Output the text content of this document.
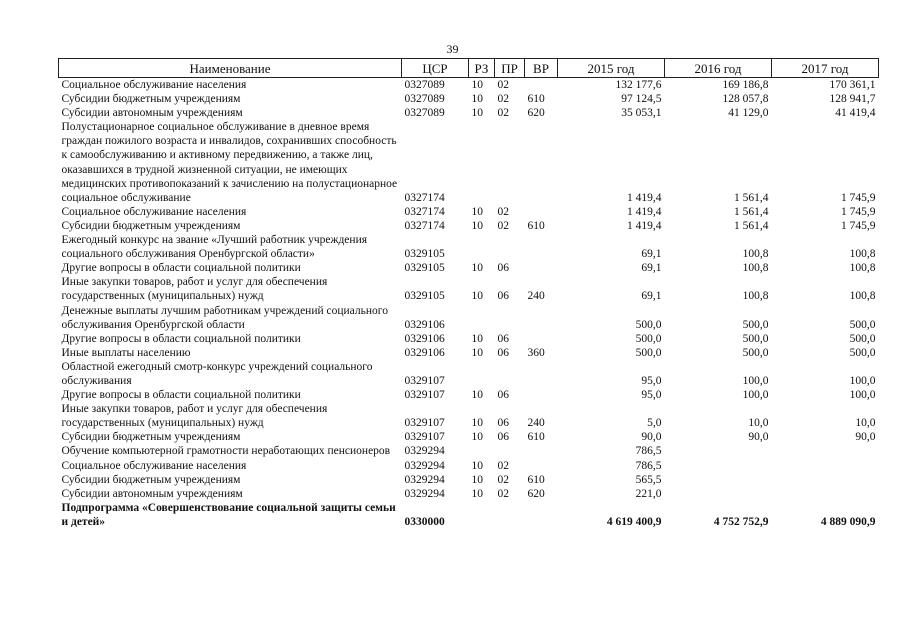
39
Наименование	ЦСР	РЗ	ПР	ВР	2015 год	2016 год	2017 год
Социальное обслуживание населения	0327089	10	02		132 177,6	169 186,8	170 361,1
Субсидии бюджетным учреждениям	0327089	10	02	610	97 124,5	128 057,8	128 941,7
Субсидии автономным учреждениям	0327089	10	02	620	35 053,1	41 129,0	41 419,4
Полустационарное социальное обслуживание в дневное время граждан пожилого возраста и инвалидов, сохранивших способность к самообслуживанию и активному передвижению, а также лиц, оказавшихся в трудной жизненной ситуации, не имеющих медицинских противопоказаний к зачислению на полустационарное социальное обслуживание	0327174				1 419,4	1 561,4	1 745,9
Социальное обслуживание населения	0327174	10	02		1 419,4	1 561,4	1 745,9
Субсидии бюджетным учреждениям	0327174	10	02	610	1 419,4	1 561,4	1 745,9
Ежегодный конкурс на звание «Лучший работник учреждения социального обслуживания Оренбургской области»	0329105				69,1	100,8	100,8
Другие вопросы в области социальной политики	0329105	10	06		69,1	100,8	100,8
Иные закупки товаров, работ и услуг для обеспечения государственных (муниципальных) нужд	0329105	10	06	240	69,1	100,8	100,8
Денежные выплаты лучшим работникам учреждений социального обслуживания Оренбургской области	0329106				500,0	500,0	500,0
Другие вопросы в области социальной политики	0329106	10	06		500,0	500,0	500,0
Иные выплаты населению	0329106	10	06	360	500,0	500,0	500,0
Областной ежегодный смотр-конкурс учреждений социального обслуживания	0329107				95,0	100,0	100,0
Другие вопросы в области социальной политики	0329107	10	06		95,0	100,0	100,0
Иные закупки товаров, работ и услуг для обеспечения государственных (муниципальных) нужд	0329107	10	06	240	5,0	10,0	10,0
Субсидии бюджетным учреждениям	0329107	10	06	610	90,0	90,0	90,0
Обучение компьютерной грамотности неработающих пенсионеров	0329294				786,5		
Социальное обслуживание населения	0329294	10	02		786,5		
Субсидии бюджетным учреждениям	0329294	10	02	610	565,5		
Субсидии автономным учреждениям	0329294	10	02	620	221,0		
Подпрограмма «Совершенствование социальной защиты семьи и детей»	0330000				4 619 400,9	4 752 752,9	4 889 090,9
